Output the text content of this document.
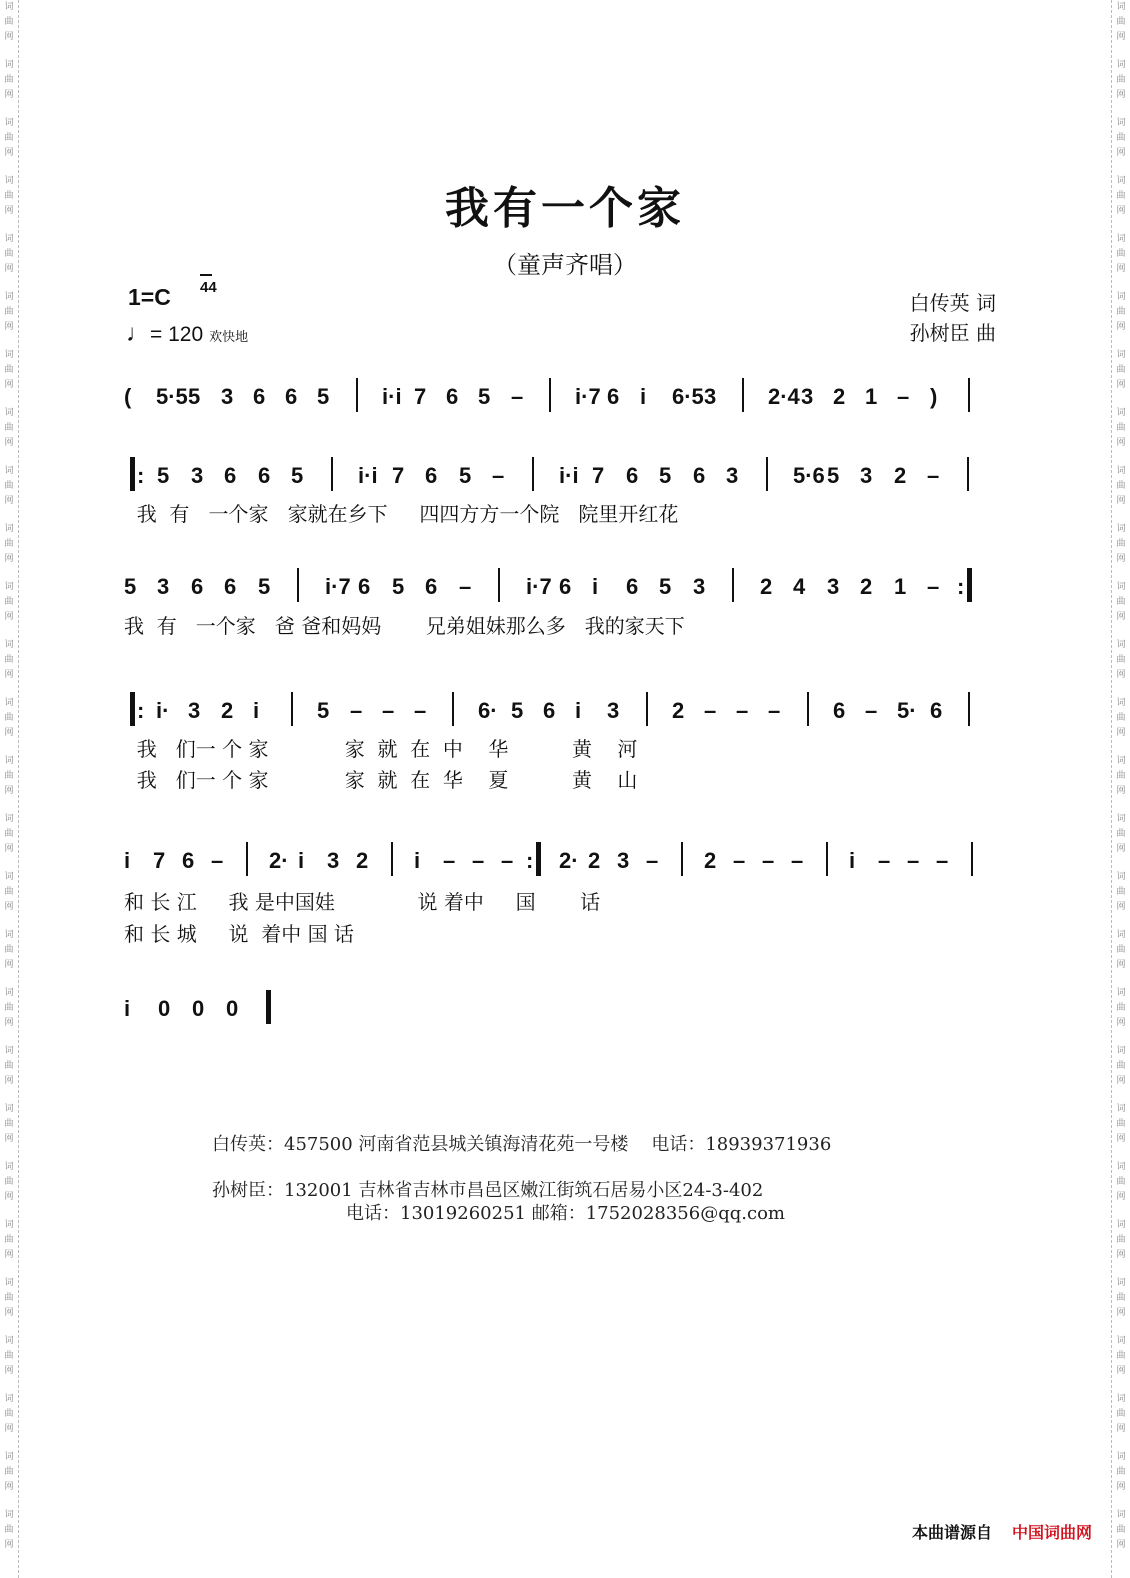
词
曲
网
词
曲
网
词
曲
网
词
曲
网
词
曲
网
词
曲
网
词
曲
网
词
曲
网
词
曲
网
词
曲
网
词
曲
网
词
曲
网
词
曲
网
词
曲
网
词
曲
网
词
曲
网
词
曲
网
词
曲
网
词
曲
网
词
曲
网
词
曲
网
词
曲
网
词
曲
网
词
曲
网
词
曲
网
词
曲
网
词
曲
网
词
曲
网
词
曲
网
词
曲
网
词
曲
网
词
曲
网
词
曲
网
词
曲
网
词
曲
网
词
曲
网
词
曲
网
词
曲
网
词
曲
网
词
曲
网
词
曲
网
词
曲
网
词
曲
网
词
曲
网
词
曲
网
词
曲
网
词
曲
网
词
曲
网
词
曲
网
词
曲
网
词
曲
网
词
曲
网
词
曲
网
词
曲
网
我有一个家
（童声齐唱）
1=C 4
4
♩= 120 欢快地
白传英 词
孙树臣 曲
( 5·5 5 3 6 6 5 i·i 7 6 5 – i·7 6 i 6·5 3 2·4 3 2 1 – )
: 5 3 6 6 5 i·i 7 6 5 – i·i 7 6 5 6 3 5·6 5 3 2 –
5 3 6 6 5 i·7 6 5 6 – i·7 6 i 6 5 3 2 4 3 2 1 – :
: i· 3 2 i	5 – – – 6· 5 6 i 3 2 – – – 6 – 5· 6
i 7 6 – 2· i 3 2 i – – – : 2· 2 3 – 2 – – – i – – –
i 0 0 0
我  有   一个家   家就在乡下     四四方方一个院   院里开红花
我  有   一个家   爸 爸和妈妈       兄弟姐妹那么多   我的家天下
我   们一 个 家            家  就  在  中    华          黄    河
我   们一 个 家            家  就  在  华    夏          黄    山
和 长 江     我 是中国娃             说 着中     国       话
和 长 城     说  着中 国 话
白传英：457500 河南省范县城关镇海清花苑一号楼    电话：18939371936
孙树臣：132001 吉林省吉林市昌邑区嫩江街筑石居易小区24-3-402
电话：13019260251 邮箱：1752028356@qq.com
本曲谱源自 中国词曲网
